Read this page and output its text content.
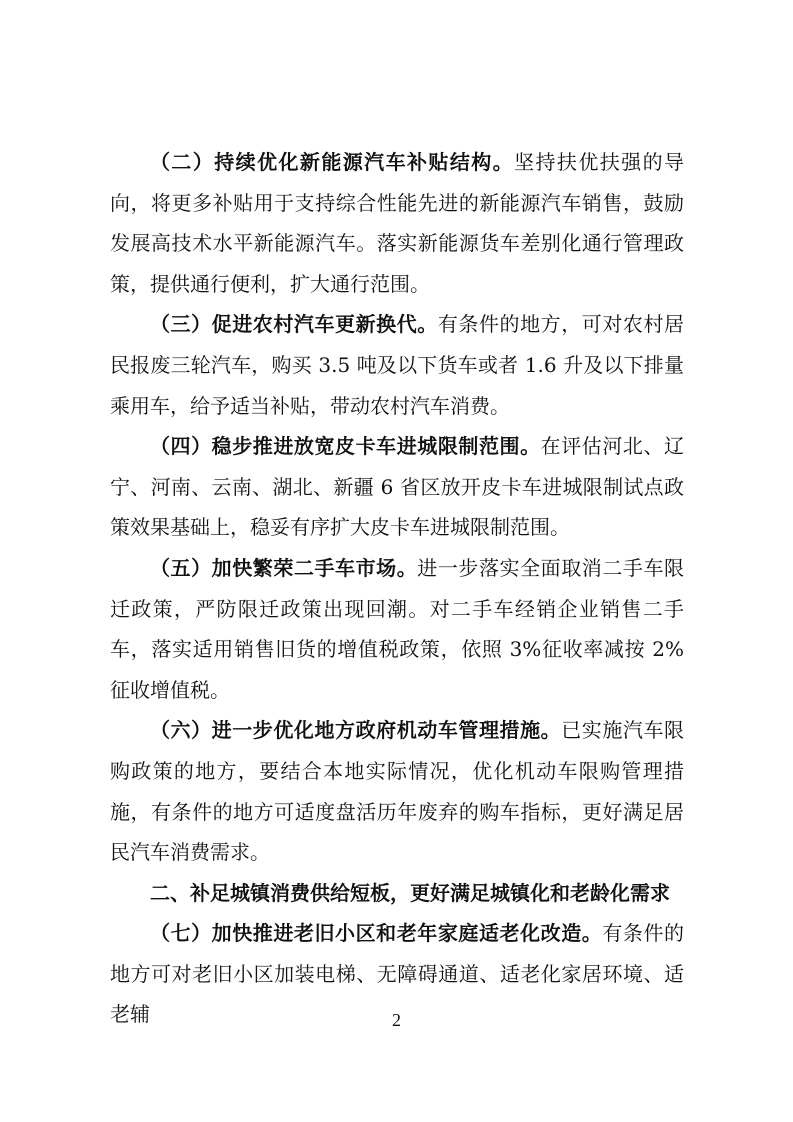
（二）持续优化新能源汽车补贴结构。坚持扶优扶强的导向，将更多补贴用于支持综合性能先进的新能源汽车销售，鼓励发展高技术水平新能源汽车。落实新能源货车差别化通行管理政策，提供通行便利，扩大通行范围。

（三）促进农村汽车更新换代。有条件的地方，可对农村居民报废三轮汽车，购买 3.5 吨及以下货车或者 1.6 升及以下排量乘用车，给予适当补贴，带动农村汽车消费。

（四）稳步推进放宽皮卡车进城限制范围。在评估河北、辽宁、河南、云南、湖北、新疆 6 省区放开皮卡车进城限制试点政策效果基础上，稳妥有序扩大皮卡车进城限制范围。

（五）加快繁荣二手车市场。进一步落实全面取消二手车限迁政策，严防限迁政策出现回潮。对二手车经销企业销售二手车，落实适用销售旧货的增值税政策，依照 3%征收率减按 2%征收增值税。

（六）进一步优化地方政府机动车管理措施。已实施汽车限购政策的地方，要结合本地实际情况，优化机动车限购管理措施，有条件的地方可适度盘活历年废弃的购车指标，更好满足居民汽车消费需求。

二、补足城镇消费供给短板，更好满足城镇化和老龄化需求

（七）加快推进老旧小区和老年家庭适老化改造。有条件的地方可对老旧小区加装电梯、无障碍通道、适老化家居环境、适老辅	2
